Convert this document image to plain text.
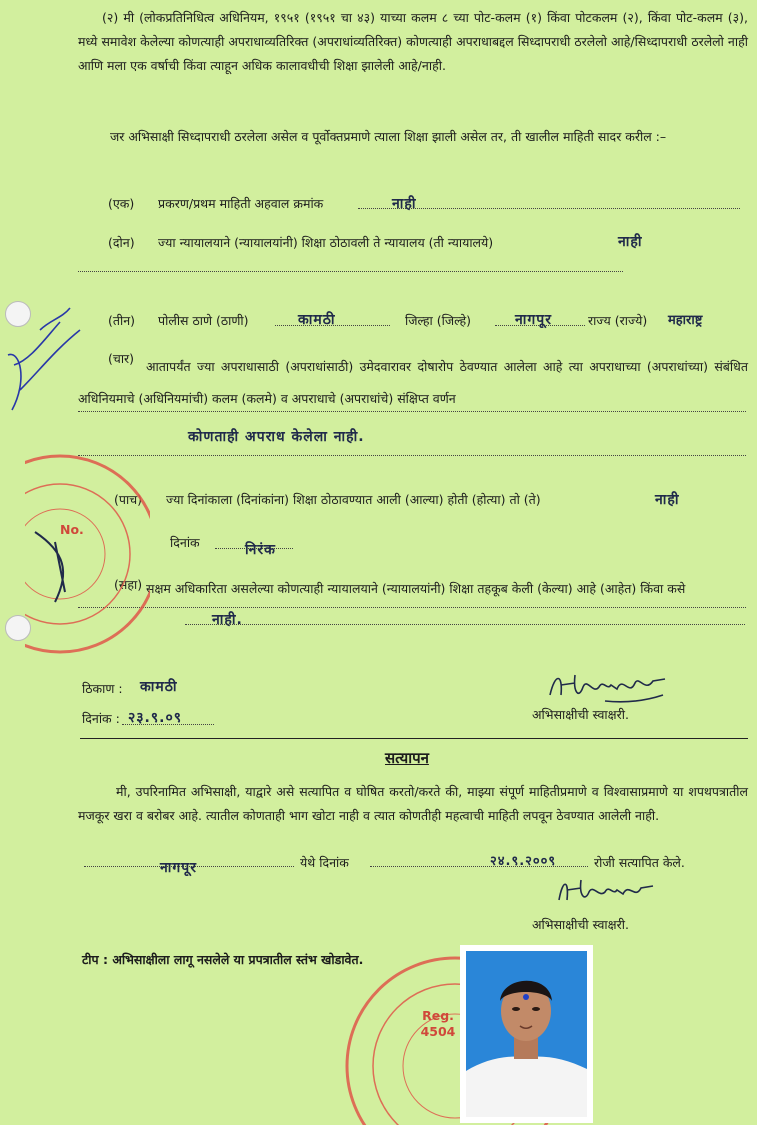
(२) मी (लोकप्रतिनिधित्व अधिनियम, १९५१ (१९५१ चा ४३) याच्या कलम ८ च्या पोट-कलम (१) किंवा पोटकलम (२), किंवा पोट-कलम (३), मध्ये समावेश केलेल्या कोणत्याही अपराधाव्यतिरिक्त (अपराधांव्यतिरिक्त) कोणत्याही अपराधाबद्दल सिध्दापराधी ठरलेलो आहे/सिध्दापराधी ठरलेलो नाही आणि मला एक वर्षाची किंवा त्याहून अधिक कालावधीची शिक्षा झालेली आहे/नाही.
जर अभिसाक्षी सिध्दापराधी ठरलेला असेल व पूर्वोक्तप्रमाणे त्याला शिक्षा झाली असेल तर, ती खालील माहिती सादर करील :–
(एक) प्रकरण/प्रथम माहिती अहवाल क्रमांक	नाही
(दोन) ज्या न्यायालयाने (न्यायालयांनी) शिक्षा ठोठावली ते न्यायालय (ती न्यायालये)	नाही
(तीन) पोलीस ठाणे (ठाणी)	कामठी	जिल्हा (जिल्हे)	नागपूर	राज्य (राज्ये) महाराष्ट्र
(चार)
आतापर्यंत ज्या अपराधासाठी (अपराधांसाठी) उमेदवारावर दोषारोप ठेवण्यात आलेला आहे त्या अपराधाच्या (अपराधांच्या) संबंधित अधिनियमाचे (अधिनियमांची) कलम (कलमे) व अपराधाचे (अपराधांचे) संक्षिप्त वर्णन
कोणताही अपराध केलेला नाही.
(पाच) ज्या दिनांकाला (दिनांकांना) शिक्षा ठोठावण्यात आली (आल्या) होती (होत्या) तो (ते)	नाही
दिनांक	निरंक
(सहा) सक्षम अधिकारिता असलेल्या कोणत्याही न्यायालयाने (न्यायालयांनी) शिक्षा तहकूब केली (केल्या) आहे (आहेत) किंवा कसे
नाही.
ठिकाण : कामठी
दिनांक : २३.९.०९	अभिसाक्षीची स्वाक्षरी.
सत्यापन
मी, उपरिनामित अभिसाक्षी, याद्वारे असे सत्यापित व घोषित करतो/करते की, माझ्या संपूर्ण माहितीप्रमाणे व विश्वासाप्रमाणे या शपथपत्रातील मजकूर खरा व बरोबर आहे. त्यातील कोणताही भाग खोटा नाही व त्यात कोणतीही महत्वाची माहिती लपवून ठेवण्यात आलेली नाही.
नागपूर	येथे दिनांक	२४.९.२००९	रोजी सत्यापित केले.
अभिसाक्षीची स्वाक्षरी.
टीप : अभिसाक्षीला लागू नसलेले या प्रपत्रातील स्तंभ खोडावेत.
No.
Reg. 4504
